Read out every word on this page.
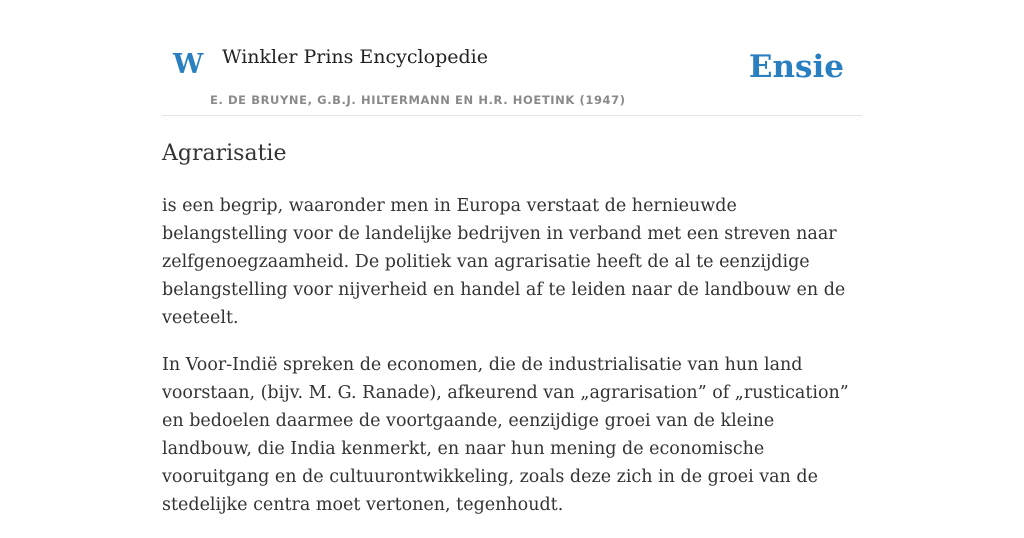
W Winkler Prins Encyclopedie	Ensie
E. DE BRUYNE, G.B.J. HILTERMANN EN H.R. HOETINK (1947)
Agrarisatie

is een begrip, waaronder men in Europa verstaat de hernieuwde belangstelling voor de landelijke bedrijven in verband met een streven naar zelfgenoegzaamheid. De politiek van agrarisatie heeft de al te eenzijdige belangstelling voor nijverheid en handel af te leiden naar de landbouw en de veeteelt.

In Voor-Indië spreken de economen, die de industrialisatie van hun land voorstaan, (bijv. M. G. Ranade), afkeurend van „agrarisation” of „rustication” en bedoelen daarmee de voortgaande, eenzijdige groei van de kleine landbouw, die India kenmerkt, en naar hun mening de economische vooruitgang en de cultuurontwikkeling, zoals deze zich in de groei van de stedelijke centra moet vertonen, tegenhoudt.
